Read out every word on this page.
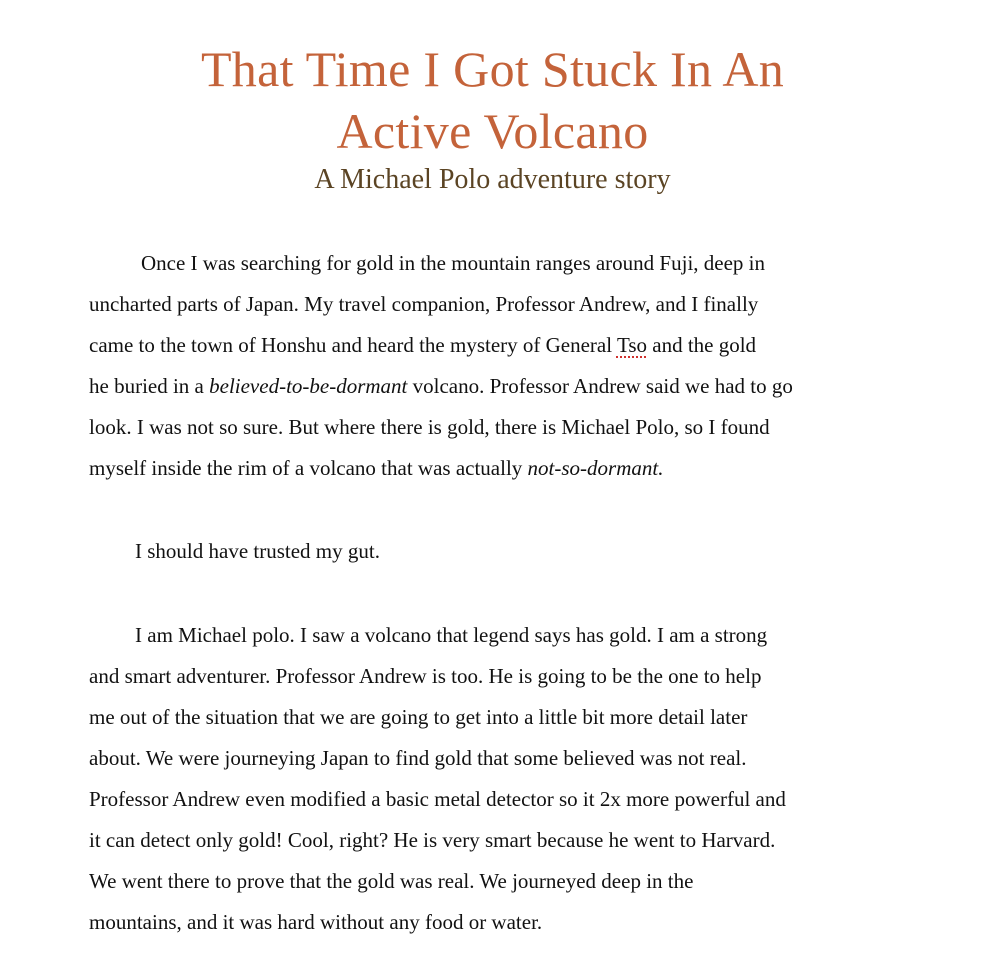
That Time I Got Stuck In An
Active Volcano
A Michael Polo adventure story
Once I was searching for gold in the mountain ranges around Fuji, deep in
uncharted parts of Japan. My travel companion, Professor Andrew, and I finally
came to the town of Honshu and heard the mystery of General Tso and the gold
he buried in a believed-to-be-dormant volcano. Professor Andrew said we had to go
look. I was not so sure. But where there is gold, there is Michael Polo, so I found
myself inside the rim of a volcano that was actually not-so-dormant.
I should have trusted my gut.
I am Michael polo. I saw a volcano that legend says has gold. I am a strong
and smart adventurer. Professor Andrew is too. He is going to be the one to help
me out of the situation that we are going to get into a little bit more detail later
about. We were journeying Japan to find gold that some believed was not real.
Professor Andrew even modified a basic metal detector so it 2x more powerful and
it can detect only gold! Cool, right? He is very smart because he went to Harvard.
We went there to prove that the gold was real. We journeyed deep in the
mountains, and it was hard without any food or water.
